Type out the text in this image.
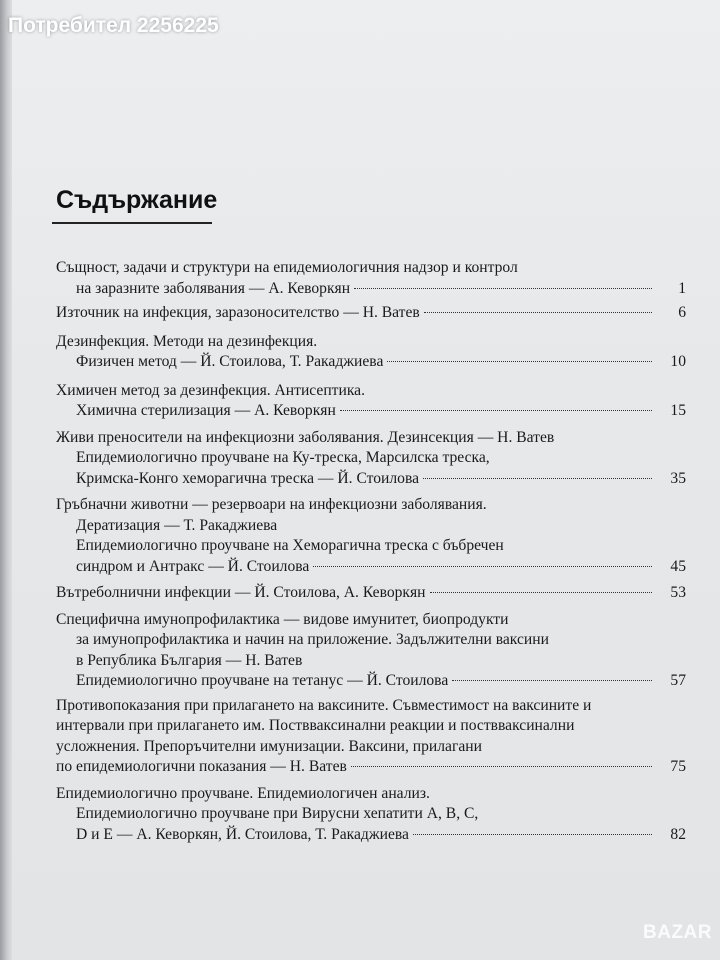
Съдържание
Същност, задачи и структури на епидемиологичния надзор и контрол
на заразните заболявания — А. Кеворкян	1
Източник на инфекция, заразоносителство — Н. Ватев	6
Дезинфекция. Методи на дезинфекция.
Физичен метод — Й. Стоилова, Т. Ракаджиева	10
Химичен метод за дезинфекция. Антисептика.
Химична стерилизация — А. Кеворкян	15
Живи преносители на инфекциозни заболявания. Дезинсекция — Н. Ватев
Епидемиологично проучване на Ку-треска, Марсилска треска,
Кримска-Конго хеморагична треска — Й. Стоилова	35
Гръбначни животни — резервоари на инфекциозни заболявания.
Дератизация — Т. Ракаджиева
Епидемиологично проучване на Хеморагична треска с бъбречен
синдром и Антракс — Й. Стоилова	45
Вътреболнични инфекции — Й. Стоилова, А. Кеворкян	53
Специфична имунопрофилактика — видове имунитет, биопродукти
за имунопрофилактика и начин на приложение. Задължителни ваксини
в Република България — Н. Ватев
Епидемиологично проучване на тетанус — Й. Стоилова	57
Противопоказания при прилагането на ваксините. Съвместимост на ваксините и
интервали при прилагането им. Поствваксинални реакции и поствваксинални
усложнения. Препоръчителни имунизации. Ваксини, прилагани
по епидемиологични показания — Н. Ватев	75
Епидемиологично проучване. Епидемиологичен анализ.
Епидемиологично проучване при Вирусни хепатити А, В, С,
D и Е — А. Кеворкян, Й. Стоилова, Т. Ракаджиева	82
Потребител 2256225
BAZAR
